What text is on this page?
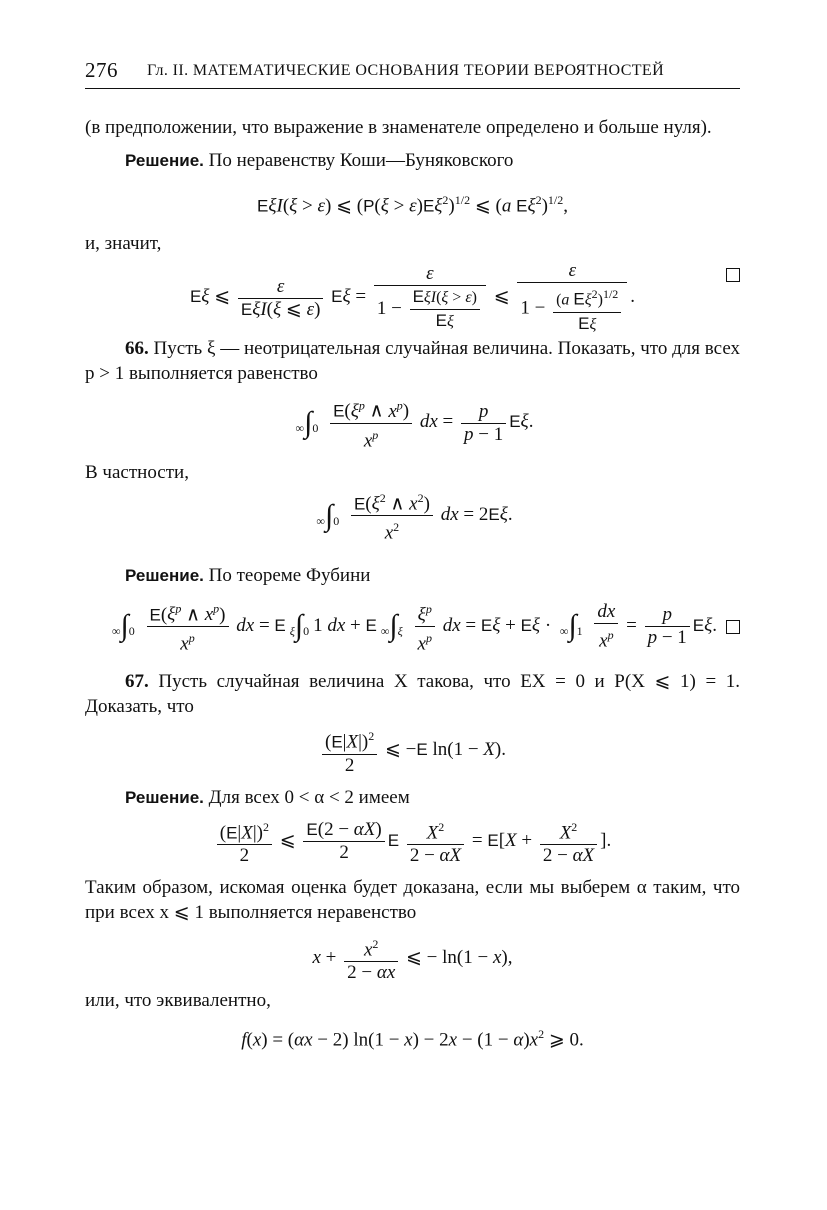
276 Гл. II. МАТЕМАТИЧЕСКИЕ ОСНОВАНИЯ ТЕОРИИ ВЕРОЯТНОСТЕЙ
(в предположении, что выражение в знаменателе определено и больше нуля).
Решение. По неравенству Коши—Буняковского
EξI(ξ > ε) ⩽ $(P(\xi > \varepsilon)E\xi^2)^{1/2}$ ⩽ (a $E\xi^2)^{1/2}$,
и, значит,
Eξ ⩽ $\frac{\varepsilon}{\text{EξI(ξ ⩽ ε)}}$ $E\xi = \frac{\varepsilon}{1 - \frac{\text{EξI(ξ > ε)}}{E\xi}}$ ⩽ $\frac{\varepsilon}{1 - \frac{(a E\xi^2)^{1/2}}{E\xi}}$ .
66. Пусть ξ — неотрицательная случайная величина. Показать, что для всех p > 1 выполняется равенство
$\infty\int 0 \frac{E(\xi^p \wedge x^p)}{x^p}$ dx = $\frac{p}{p - 1} E\xi$.
В частности,
$\infty\int 0 \frac{E(\xi^2 \wedge x^2)}{x^2}$ dx = 2Eξ.
Решение. По теореме Фубини
$\infty\int 0 \frac{E(\xi^p \wedge x^p)}{x^p}$ dx = E ξ∫0 1 dx + E $\infty\int\xi \frac{\xi^p}{x^p}$ dx = $E\xi + E\xi \cdot \infty\int 1 \frac{dx}{x^p} = \frac{p}{p - 1} E\xi$.
67. Пусть случайная величина X такова, что EX = 0 и P(X ⩽ 1) = 1. Доказать, что
$\frac{(E|X|)^2}{2}$ ⩽ −E ln(1 − X).
Решение. Для всех 0 < α < 2 имеем
$\frac{(E|X|)^2}{2}$ ⩽ $\frac{E(2 - \alpha X)}{2}$ E $\frac{X^2}{2 - \alpha X} = E[X + \frac{X^2}{2 - \alpha X}$ ].
Таким образом, искомая оценка будет доказана, если мы выберем α таким, что при всех x ⩽ 1 выполняется неравенство
$x + \frac{x^2}{2 - \alpha x}$ ⩽ − ln(1 − x),
или, что эквивалентно,
f(x) = (αx − 2) $\ln(1 - x) - 2x - (1 - \alpha)x^2$ ⩾ 0.
